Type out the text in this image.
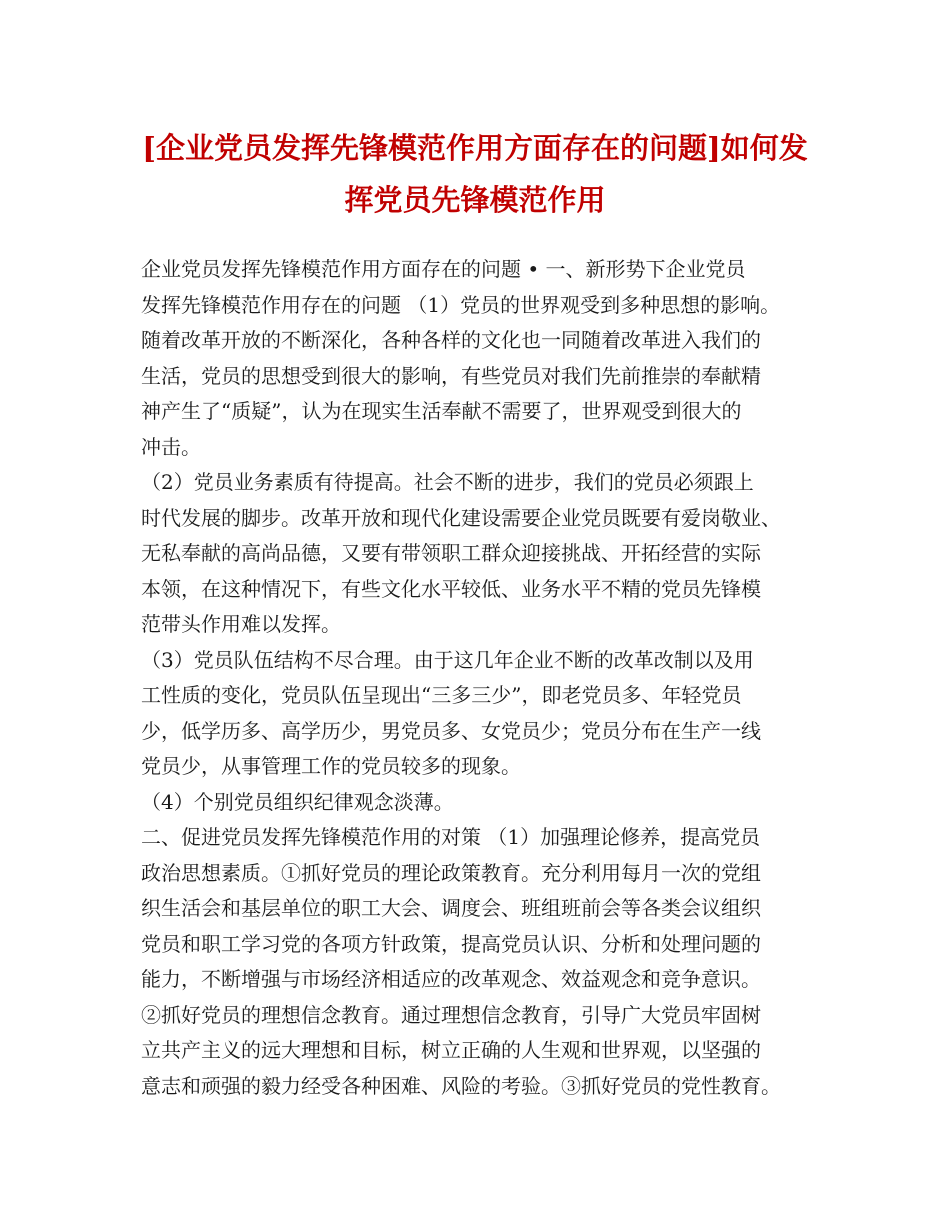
[企业党员发挥先锋模范作用方面存在的问题]如何发
挥党员先锋模范作用
企业党员发挥先锋模范作用方面存在的问题 • 一、新形势下企业党员
发挥先锋模范作用存在的问题 （1）党员的世界观受到多种思想的影响。
随着改革开放的不断深化，各种各样的文化也一同随着改革进入我们的
生活，党员的思想受到很大的影响，有些党员对我们先前推崇的奉献精
神产生了“质疑”，认为在现实生活奉献不需要了，世界观受到很大的
冲击。
（2）党员业务素质有待提高。社会不断的进步，我们的党员必须跟上
时代发展的脚步。改革开放和现代化建设需要企业党员既要有爱岗敬业、
无私奉献的高尚品德，又要有带领职工群众迎接挑战、开拓经营的实际
本领，在这种情况下，有些文化水平较低、业务水平不精的党员先锋模
范带头作用难以发挥。
（3）党员队伍结构不尽合理。由于这几年企业不断的改革改制以及用
工性质的变化，党员队伍呈现出“三多三少”，即老党员多、年轻党员
少，低学历多、高学历少，男党员多、女党员少；党员分布在生产一线
党员少，从事管理工作的党员较多的现象。
（4）个别党员组织纪律观念淡薄。
二、促进党员发挥先锋模范作用的对策 （1）加强理论修养，提高党员
政治思想素质。①抓好党员的理论政策教育。充分利用每月一次的党组
织生活会和基层单位的职工大会、调度会、班组班前会等各类会议组织
党员和职工学习党的各项方针政策，提高党员认识、分析和处理问题的
能力，不断增强与市场经济相适应的改革观念、效益观念和竞争意识。
②抓好党员的理想信念教育。通过理想信念教育，引导广大党员牢固树
立共产主义的远大理想和目标，树立正确的人生观和世界观，以坚强的
意志和顽强的毅力经受各种困难、风险的考验。③抓好党员的党性教育。
